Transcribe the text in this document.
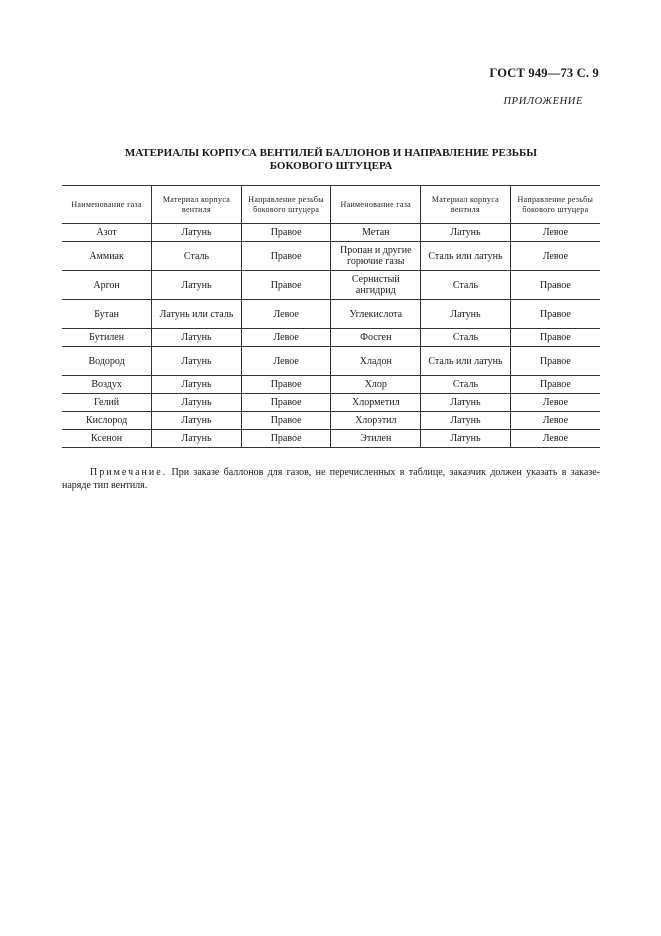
ГОСТ 949—73 С. 9
ПРИЛОЖЕНИЕ
МАТЕРИАЛЫ КОРПУСА ВЕНТИЛЕЙ БАЛЛОНОВ И НАПРАВЛЕНИЕ РЕЗЬБЫ
БОКОВОГО ШТУЦЕРА
Наименование газа	Материал корпуса вентиля	Направление резьбы бокового штуцера	Наименование газа	Материал корпуса вентиля	Направление резьбы бокового штуцера
Азот	Латунь	Правое	Метан	Латунь	Левое
Аммиак	Сталь	Правое	Пропан и другие горючие газы	Сталь или латунь	Левое
Аргон	Латунь	Правое	Сернистый ангидрид	Сталь	Правое
Бутан	Латунь или сталь	Левое	Углекислота	Латунь	Правое
Бутилен	Латунь	Левое	Фосген	Сталь	Правое
Водород	Латунь	Левое	Хладон	Сталь или латунь	Правое
Воздух	Латунь	Правое	Хлор	Сталь	Правое
Гелий	Латунь	Правое	Хлорметил	Латунь	Левое
Кислород	Латунь	Правое	Хлорэтил	Латунь	Левое
Ксенон	Латунь	Правое	Этилен	Латунь	Левое
Примечание. При заказе баллонов для газов, не перечисленных в таблице, заказчик должен указать в заказе-наряде тип вентиля.
